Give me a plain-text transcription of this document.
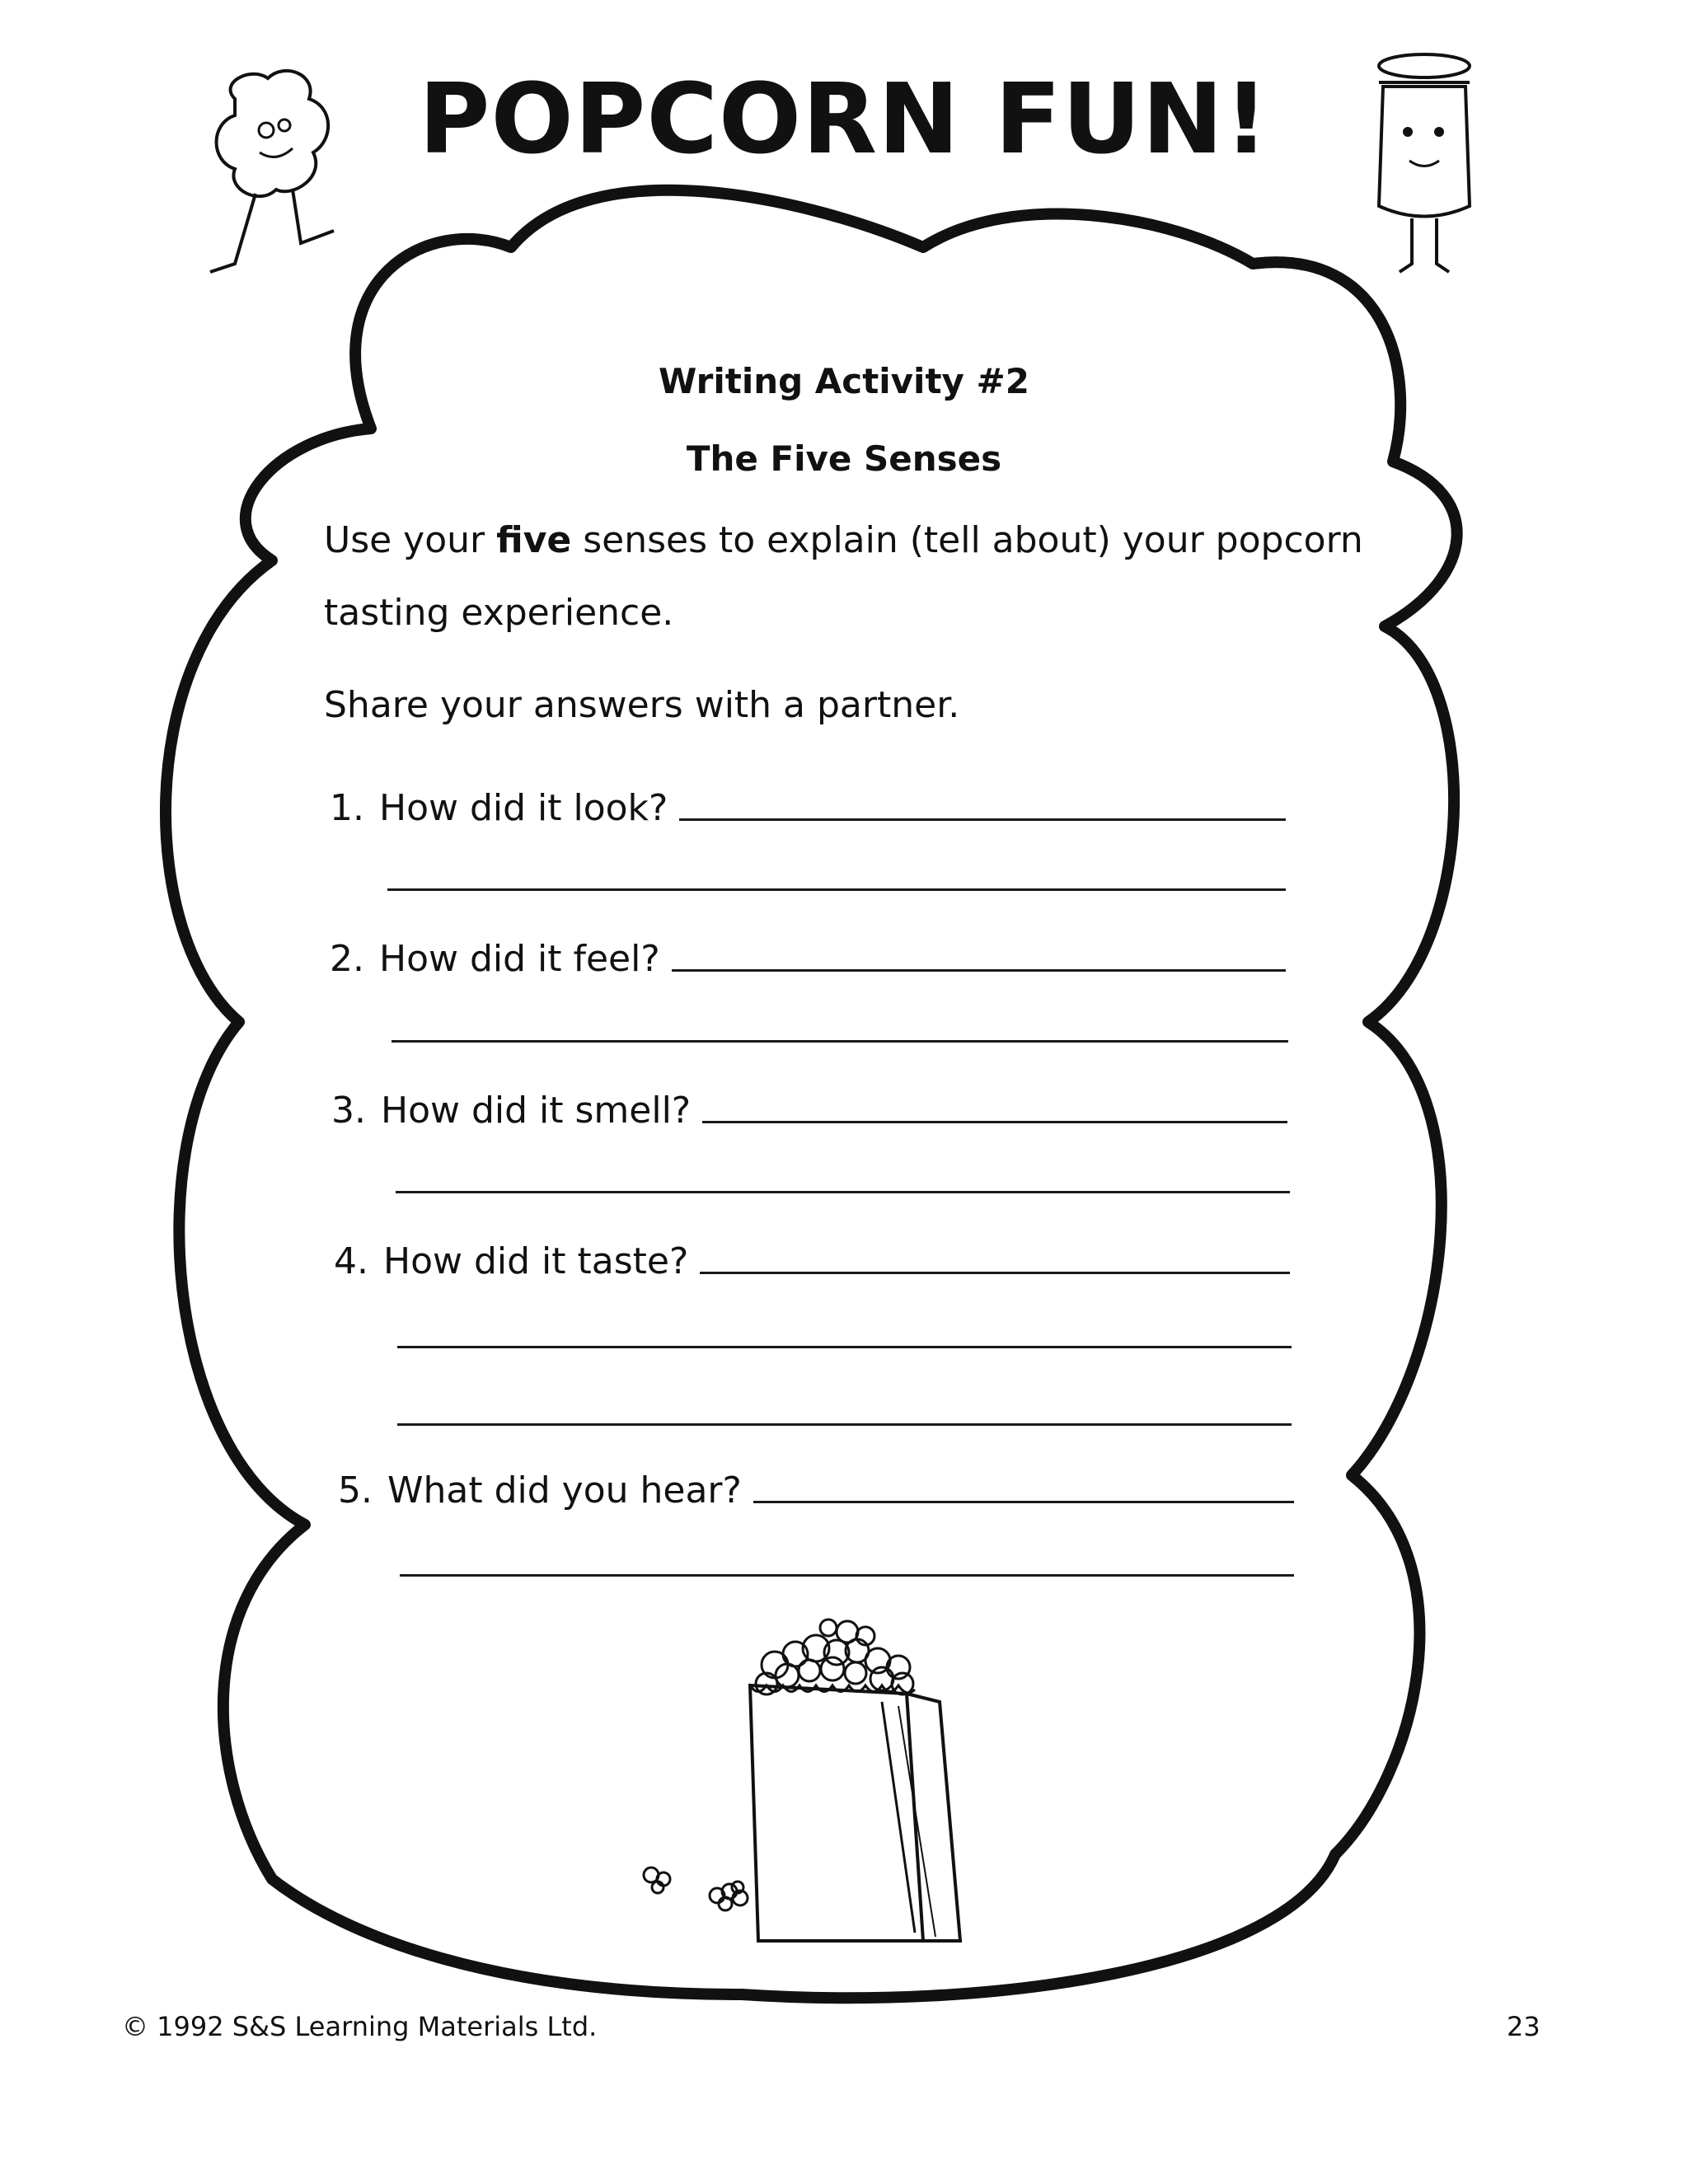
POPCORN FUN!
Writing Activity #2
The Five Senses
Use your five senses to explain (tell about) your popcorn
tasting experience.
Share your answers with a partner.
1. How did it look?
2. How did it feel?
3. How did it smell?
4. How did it taste?
5. What did you hear?
© 1992 S&S Learning Materials Ltd.	23
